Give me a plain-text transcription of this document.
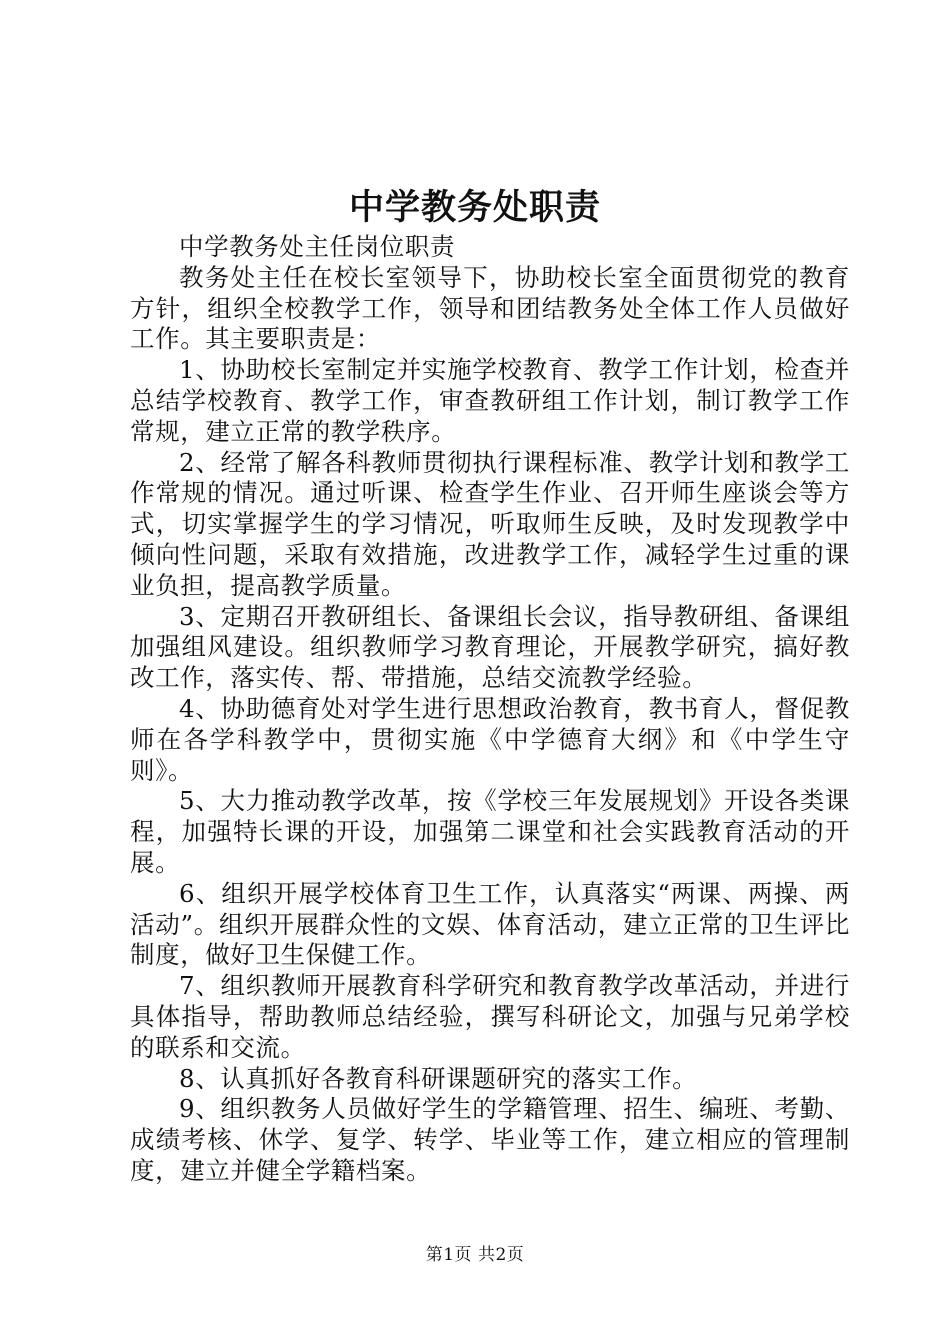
中学教务处职责

中学教务处主任岗位职责

教务处主任在校长室领导下，协助校长室全面贯彻党的教育方针，组织全校教学工作，领导和团结教务处全体工作人员做好工作。其主要职责是：

1、协助校长室制定并实施学校教育、教学工作计划，检查并总结学校教育、教学工作，审查教研组工作计划，制订教学工作常规，建立正常的教学秩序。

2、经常了解各科教师贯彻执行课程标准、教学计划和教学工作常规的情况。通过听课、检查学生作业、召开师生座谈会等方式，切实掌握学生的学习情况，听取师生反映，及时发现教学中倾向性问题，采取有效措施，改进教学工作，减轻学生过重的课业负担，提高教学质量。

3、定期召开教研组长、备课组长会议，指导教研组、备课组加强组风建设。组织教师学习教育理论，开展教学研究，搞好教改工作，落实传、帮、带措施，总结交流教学经验。

4、协助德育处对学生进行思想政治教育，教书育人，督促教师在各学科教学中，贯彻实施《中学德育大纲》和《中学生守则》。

5、大力推动教学改革，按《学校三年发展规划》开设各类课程，加强特长课的开设，加强第二课堂和社会实践教育活动的开展。

6、组织开展学校体育卫生工作，认真落实“两课、两操、两活动”。组织开展群众性的文娱、体育活动，建立正常的卫生评比制度，做好卫生保健工作。

7、组织教师开展教育科学研究和教育教学改革活动，并进行具体指导，帮助教师总结经验，撰写科研论文，加强与兄弟学校的联系和交流。

8、认真抓好各教育科研课题研究的落实工作。

9、组织教务人员做好学生的学籍管理、招生、编班、考勤、成绩考核、休学、复学、转学、毕业等工作，建立相应的管理制度，建立并健全学籍档案。

第1页 共2页
